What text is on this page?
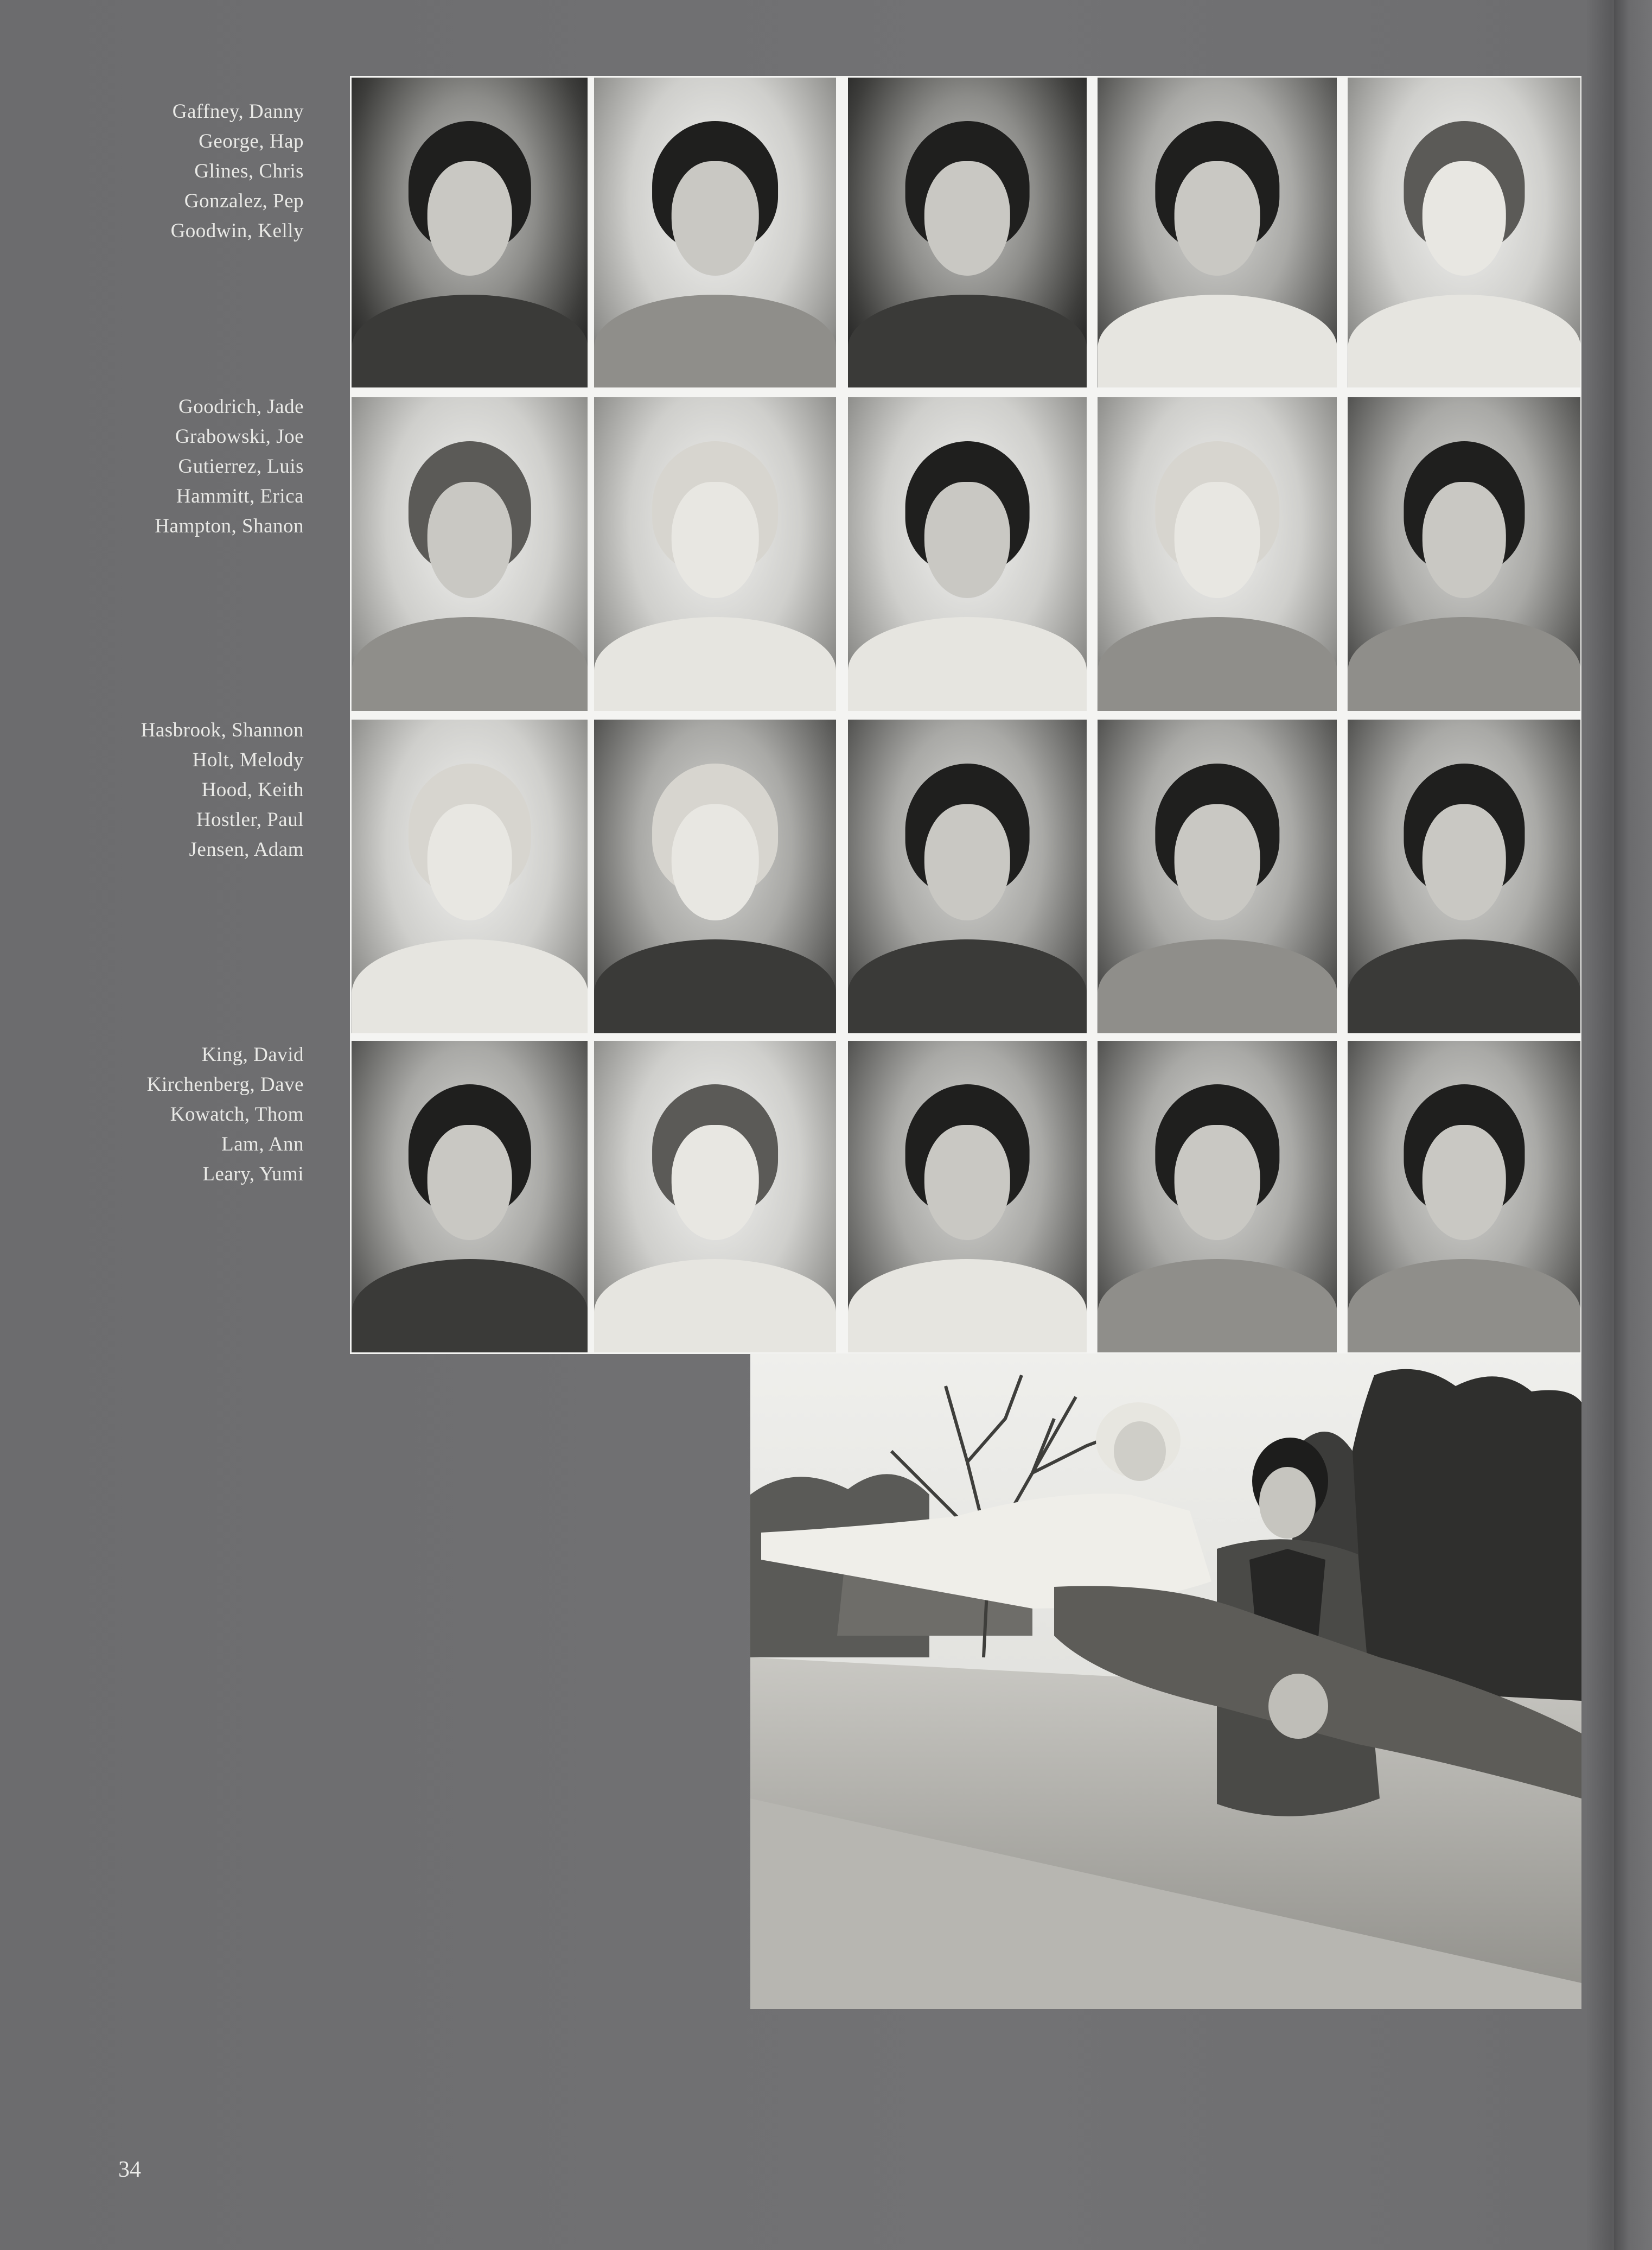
Gaffney, Danny
George, Hap
Glines, Chris
Gonzalez, Pep
Goodwin, Kelly
Goodrich, Jade
Grabowski, Joe
Gutierrez, Luis
Hammitt, Erica
Hampton, Shanon
Hasbrook, Shannon
Holt, Melody
Hood, Keith
Hostler, Paul
Jensen, Adam
King, David
Kirchenberg, Dave
Kowatch, Thom
Lam, Ann
Leary, Yumi
34
